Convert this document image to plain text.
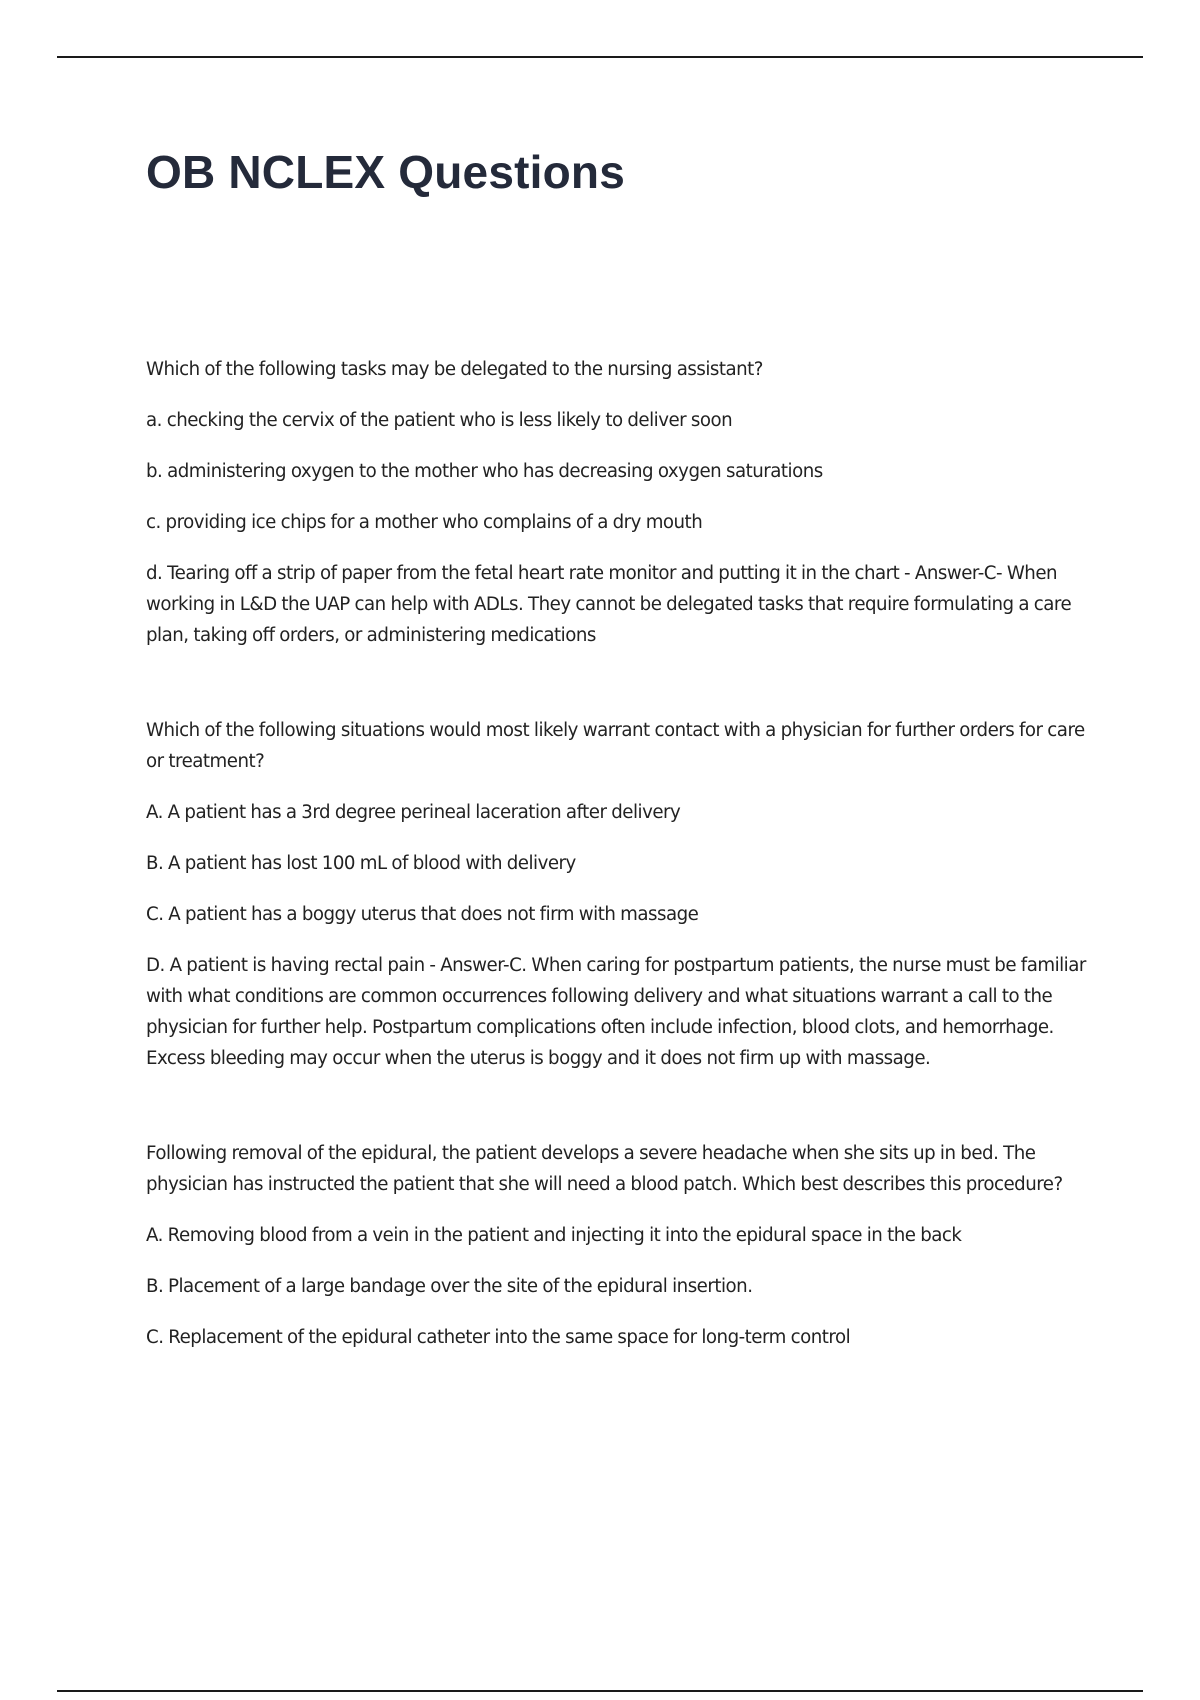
OB NCLEX Questions

Which of the following tasks may be delegated to the nursing assistant?

a. checking the cervix of the patient who is less likely to deliver soon

b. administering oxygen to the mother who has decreasing oxygen saturations

c. providing ice chips for a mother who complains of a dry mouth

d. Tearing off a strip of paper from the fetal heart rate monitor and putting it in the chart - Answer-C- When working in L&D the UAP can help with ADLs. They cannot be delegated tasks that require formulating a care plan, taking off orders, or administering medications

Which of the following situations would most likely warrant contact with a physician for further orders for care or treatment?

A. A patient has a 3rd degree perineal laceration after delivery

B. A patient has lost 100 mL of blood with delivery

C. A patient has a boggy uterus that does not firm with massage

D. A patient is having rectal pain - Answer-C. When caring for postpartum patients, the nurse must be familiar with what conditions are common occurrences following delivery and what situations warrant a call to the physician for further help. Postpartum complications often include infection, blood clots, and hemorrhage. Excess bleeding may occur when the uterus is boggy and it does not firm up with massage.

Following removal of the epidural, the patient develops a severe headache when she sits up in bed. The physician has instructed the patient that she will need a blood patch. Which best describes this procedure?

A. Removing blood from a vein in the patient and injecting it into the epidural space in the back

B. Placement of a large bandage over the site of the epidural insertion.

C. Replacement of the epidural catheter into the same space for long-term control
